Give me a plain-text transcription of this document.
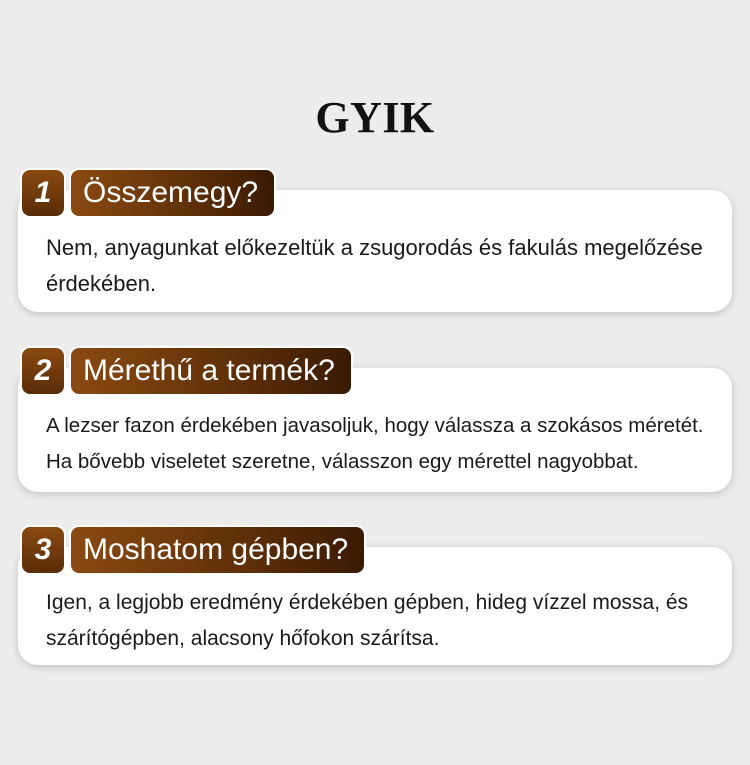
GYIK

Nem, anyagunkat előkezeltük a zsugorodás és fakulás megelőzése érdekében.

1	Összemegy?

A lezser fazon érdekében javasoljuk, hogy válassza a szokásos méretét. Ha bővebb viseletet szeretne, válasszon egy mérettel nagyobbat.

2	Mérethű a termék?

Igen, a legjobb eredmény érdekében gépben, hideg vízzel mossa, és szárítógépben, alacsony hőfokon szárítsa.

3	Moshatom gépben?
